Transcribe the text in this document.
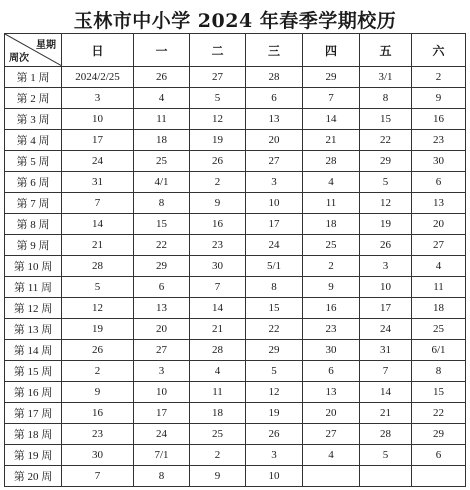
玉林市中小学 2024 年春季学期校历
星期
周次	日	一	二	三	四	五	六
第 1 周	2024/2/25	26	27	28	29	3/1	2
第 2 周	3	4	5	6	7	8	9
第 3 周	10	11	12	13	14	15	16
第 4 周	17	18	19	20	21	22	23
第 5 周	24	25	26	27	28	29	30
第 6 周	31	4/1	2	3	4	5	6
第 7 周	7	8	9	10	11	12	13
第 8 周	14	15	16	17	18	19	20
第 9 周	21	22	23	24	25	26	27
第 10 周	28	29	30	5/1	2	3	4
第 11 周	5	6	7	8	9	10	11
第 12 周	12	13	14	15	16	17	18
第 13 周	19	20	21	22	23	24	25
第 14 周	26	27	28	29	30	31	6/1
第 15 周	2	3	4	5	6	7	8
第 16 周	9	10	11	12	13	14	15
第 17 周	16	17	18	19	20	21	22
第 18 周	23	24	25	26	27	28	29
第 19 周	30	7/1	2	3	4	5	6
第 20 周	7	8	9	10			
